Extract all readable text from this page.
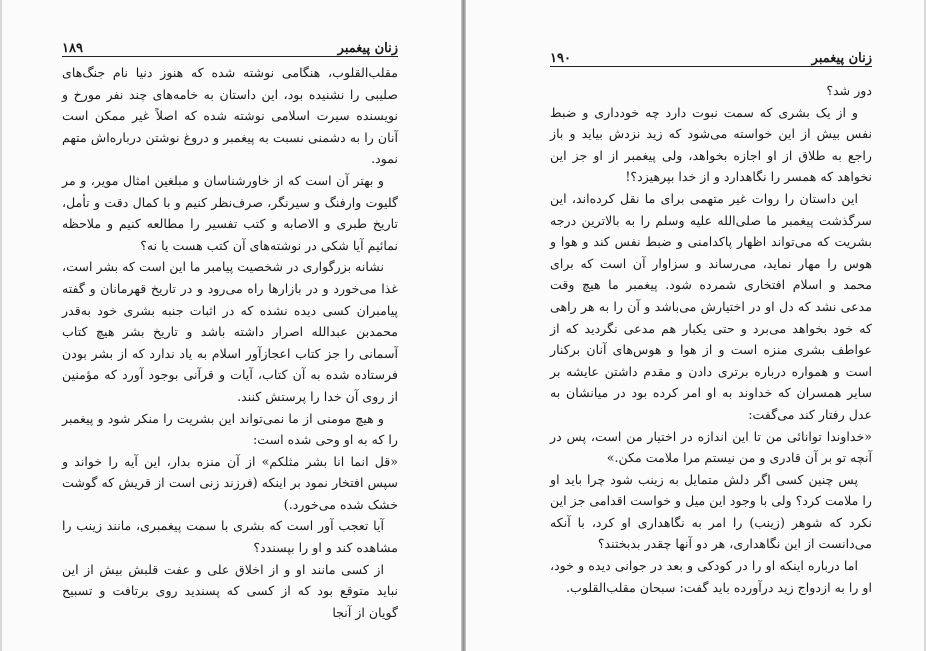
۱۸۹	زنان پیغمبر

مقلب‌القلوب، هنگامی نوشته شده که هنوز دنیا نام جنگ‌های صلیبی را نشنیده بود، این داستان به خامه‌های چند نفر مورخ و نویسنده سیرت اسلامی نوشته شده که اصلاً غیر ممکن است آنان را به دشمنی نسبت به پیغمبر و دروغ نوشتن درباره‌اش متهم نمود.

و بهتر آن است که از خاورشناسان و مبلغین امثال مویر، و مر گلیوت وارفنگ و سیرنگر، صرف‌نظر کنیم و با کمال دقت و تأمل، تاریخ طبری و الاصابه و کتب تفسیر را مطالعه کنیم و ملاحظه نمائیم آیا شکی در نوشته‌های آن کتب هست یا نه؟

نشانه بزرگواری در شخصیت پیامبر ما این است که بشر است، غذا می‌خورد و در بازارها راه می‌رود و در تاریخ قهرمانان و گفته پیامبران کسی دیده نشده که در اثبات جنبه بشری خود به‌قدر محمدبن عبدالله اصرار داشته باشد و تاریخ بشر هیچ کتاب آسمانی را جز کتاب اعجازآور اسلام به یاد ندارد که از بشر بودن فرستاده شده به آن کتاب، آیات و قرآنی بوجود آورد که مؤمنین از روی آن خدا را پرستش کنند.

و هیچ مومنی از ما نمی‌تواند این بشریت را منکر شود و پیغمبر را که به او وحی شده است:

«قل انما انا بشر مثلکم» از آن منزه بدار، این آیه را خواند و سپس افتخار نمود بر اینکه (فرزند زنی است از قریش که گوشت خشک شده می‌خورد.)

آیا تعجب آور است که بشری با سمت پیغمبری، مانند زینب را مشاهده کند و او را بپسندد؟

از کسی مانند او و از اخلاق علی و عفت قلبش بیش از این نباید متوقع بود که از کسی که پسندید روی برتافت و تسبیح گویان از آنجا

۱۹۰	زنان پیغمبر

دور شد؟

و از یک بشری که سمت نبوت دارد چه خودداری و ضبط نفس بیش از این خواسته می‌شود که زید نزدش بیاید و باز راجع به طلاق از او اجازه بخواهد، ولی پیغمبر از او جز این نخواهد که همسر را نگاهدارد و از خدا بپرهیزد؟!

این داستان را روات غیر متهمی برای ما نقل کرده‌اند، این سرگذشت پیغمبر ما صلی‌الله علیه وسلم را به بالاترین درجه بشریت که می‌تواند اظهار پاکدامنی و ضبط نفس کند و هوا و هوس را مهار نماید، می‌رساند و سزاوار آن است که برای محمد و اسلام افتخاری شمرده شود. پیغمبر ما هیچ وقت مدعی نشد که دل او در اختیارش می‌باشد و آن را به هر راهی که خود بخواهد می‌برد و حتی یکبار هم مدعی نگردید که از عواطف بشری منزه است و از هوا و هوس‌های آنان برکنار است و همواره درباره برتری دادن و مقدم داشتن عایشه بر سایر همسران که خداوند به او امر کرده بود در میانشان به عدل رفتار کند می‌گفت:

«خداوندا توانائی من تا این اندازه در اختیار من است، پس در آنچه تو بر آن قادری و من نیستم مرا ملامت مکن.»

پس چنین کسی اگر دلش متمایل به زینب شود چرا باید او را ملامت کرد؟ ولی با وجود این میل و خواست اقدامی جز این نکرد که شوهر (زینب) را امر به نگاهداری او کرد، با آنکه می‌دانست از این نگاهداری، هر دو آنها چقدر بدبختند؟

اما درباره اینکه او را در کودکی و بعد در جوانی دیده و خود، او را به ازدواج زید درآورده باید گفت: سبحان مقلب‌القلوب.
